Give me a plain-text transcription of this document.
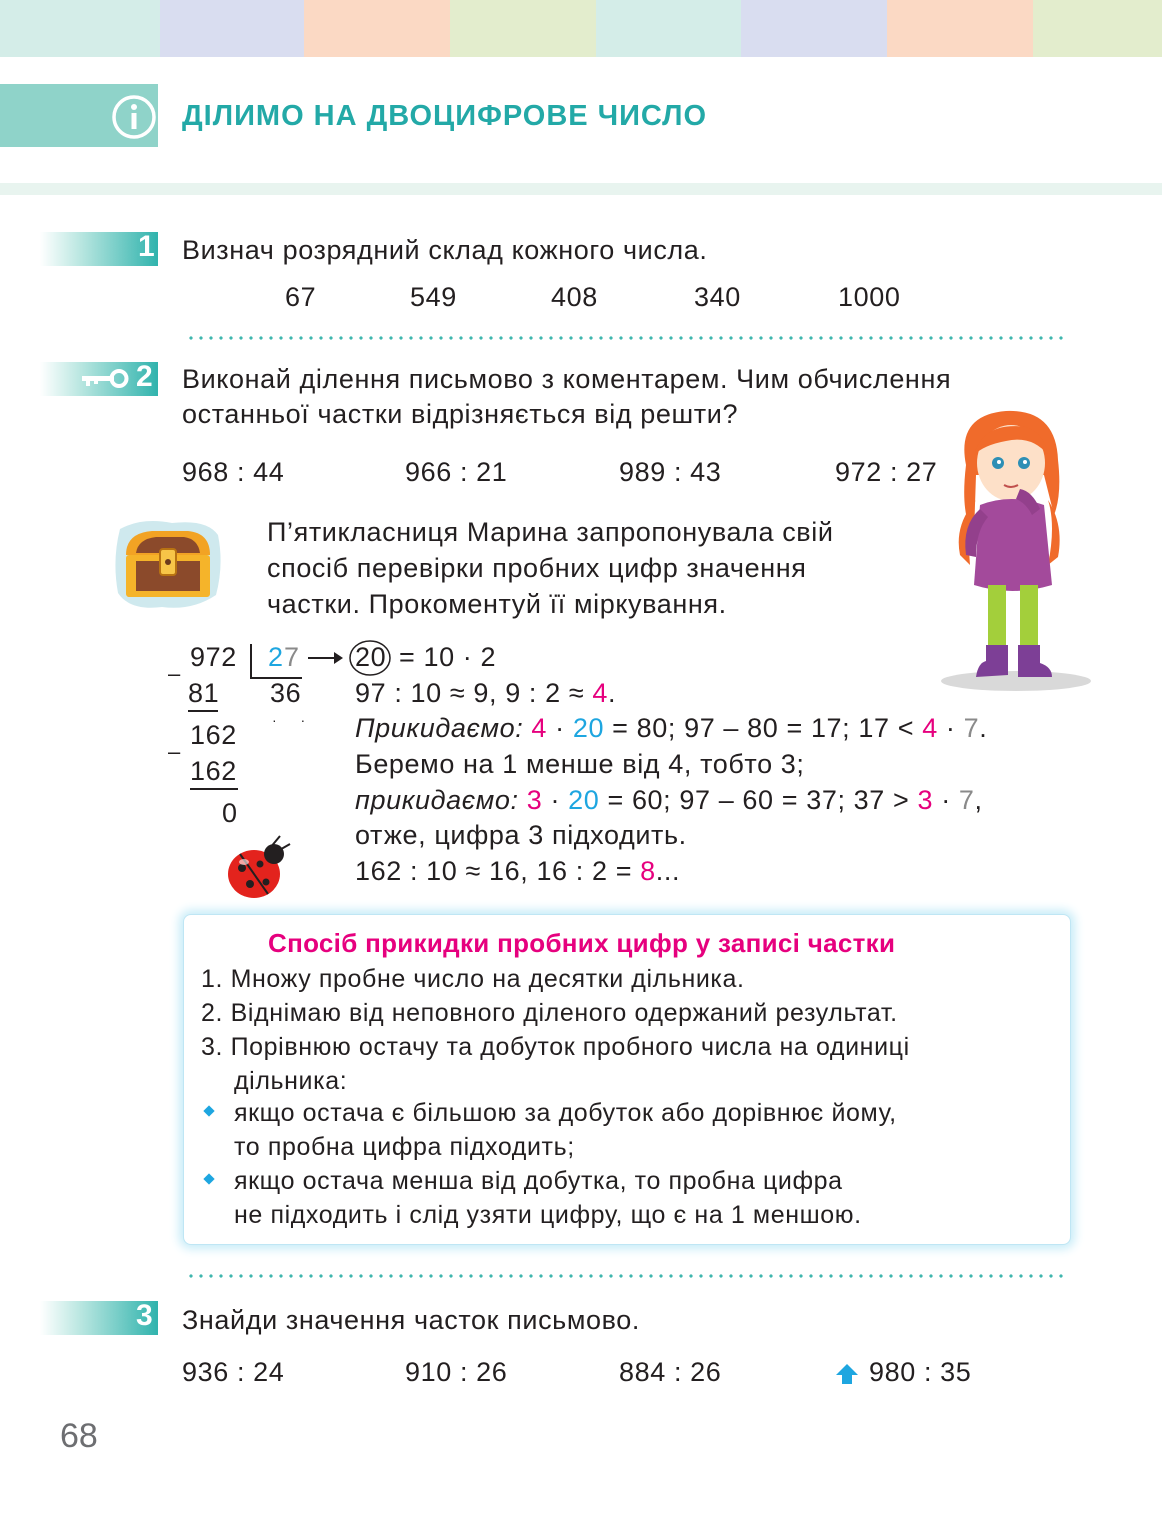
ДІЛИМО НА ДВОЦИФРОВЕ ЧИСЛО
1 Визнач розрядний склад кожного числа.
67	549	408	340	1000
2 Виконай ділення письмово з коментарем. Чим обчислення
останньої частки відрізняється від решти?
968 : 44	966 : 21	989 : 43	972 : 27
П’ятикласниця Марина запропонувала свій
спосіб перевірки пробних цифр значення
частки. Прокоментуй її міркування.
–
972 2 7
81 36
· ·
–
162
162
0
20 = 10 · 2
97 : 10 ≈ 9, 9 : 2 ≈ 4.
Прикидаємо: 4 · 20 = 80; 97 – 80 = 17; 17 < 4 · 7.
Беремо на 1 менше від 4, тобто 3;
прикидаємо: 3 · 20 = 60; 97 – 60 = 37; 37 > 3 · 7,
отже, цифра 3 підходить.
162 : 10 ≈ 16, 16 : 2 = 8...
Спосіб прикидки пробних цифр у записі частки
1. Множу пробне число на десятки дільника.
2. Віднімаю від неповного діленого одержаний результат.
3. Порівнюю остачу та добуток пробного числа на одиниці
дільника:
якщо остача є більшою за добуток або дорівнює йому,
то пробна цифра підходить;
якщо остача менша від добутка, то пробна цифра
не підходить і слід узяти цифру, що є на 1 меншою.
3 Знайди значення часток письмово.
936 : 24	910 : 26	884 : 26	980 : 35
68
